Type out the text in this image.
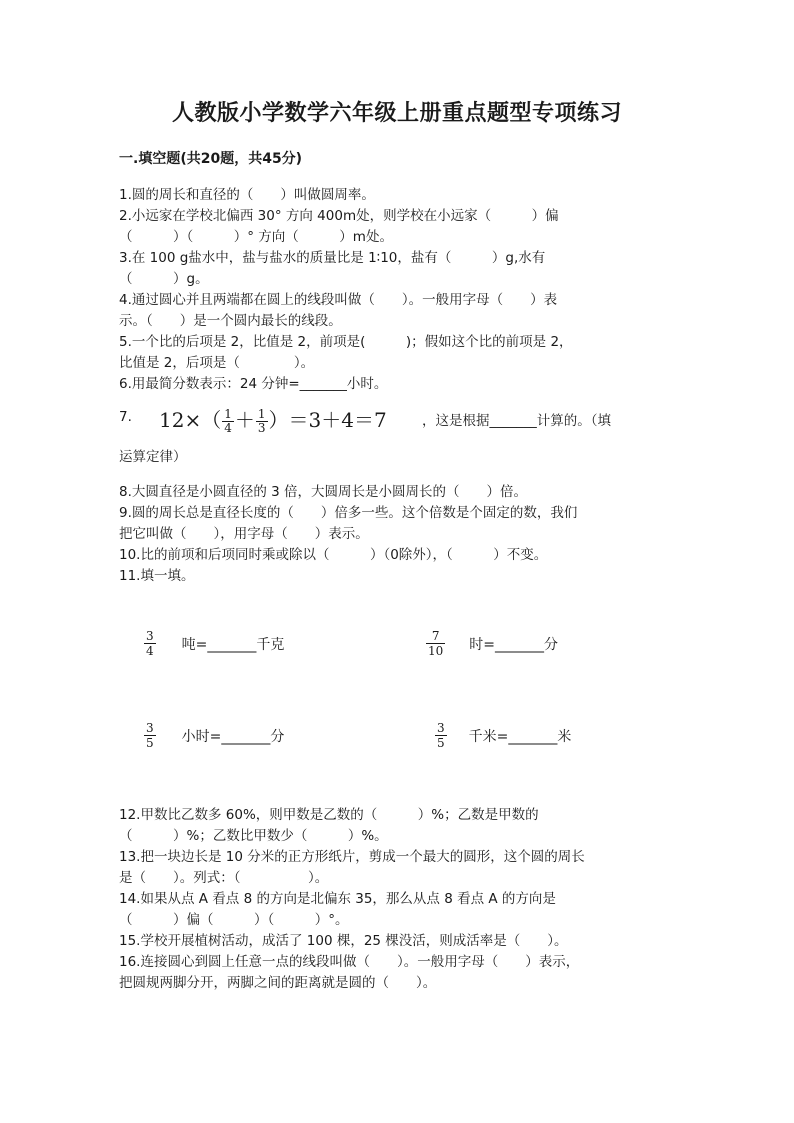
人教版小学数学六年级上册重点题型专项练习
一.填空题(共20题，共45分)
1.圆的周长和直径的（　　）叫做圆周率。
2.小远家在学校北偏西 30° 方向 400m处，则学校在小远家（　　　）偏
（　　　）（　　　）° 方向（　　　）m处。
3.在 100 g盐水中，盐与盐水的质量比是 1∶10，盐有（　　　）g,水有
（　　　）g。
4.通过圆心并且两端都在圆上的线段叫做（　　）。一般用字母（　　）表
示。（　　）是一个圆内最长的线段。
5.一个比的后项是 2，比值是 2，前项是(　　　)；假如这个比的前项是 2，
比值是 2，后项是（　　　　）。
6.用最简分数表示：24 分钟=_______小时。
7. $12\times( \frac{1}{4} + \frac{1}{3} )=3+4=7$	，这是根据_______计算的。（填
运算定律）
8.大圆直径是小圆直径的 3 倍，大圆周长是小圆周长的（　　）倍。
9.圆的周长总是直径长度的（　　）倍多一些。这个倍数是个固定的数，我们
把它叫做（　　），用字母（　　）表示。
10.比的前项和后项同时乘或除以（　　　）（0除外），（　　　）不变。
11.填一填。
$\frac{3}{4}$ 吨=_______千克	$\frac{7}{10}$ 时=_______分
$\frac{3}{5}$ 小时=_______分	$\frac{3}{5}$ 千米=_______米
12.甲数比乙数多 60%，则甲数是乙数的（　　　）%；乙数是甲数的
（　　　）%；乙数比甲数少（　　　）%。
13.把一块边长是 10 分米的正方形纸片，剪成一个最大的圆形，这个圆的周长
是（　　）。列式：（　　　　　）。
14.如果从点 A 看点 8 的方向是北偏东 35，那么从点 8 看点 A 的方向是
（　　　）偏（　　　）（　　　）°。
15.学校开展植树活动，成活了 100 棵，25 棵没活，则成活率是（　　）。
16.连接圆心到圆上任意一点的线段叫做（　　）。一般用字母（　　）表示，
把圆规两脚分开，两脚之间的距离就是圆的（　　）。
